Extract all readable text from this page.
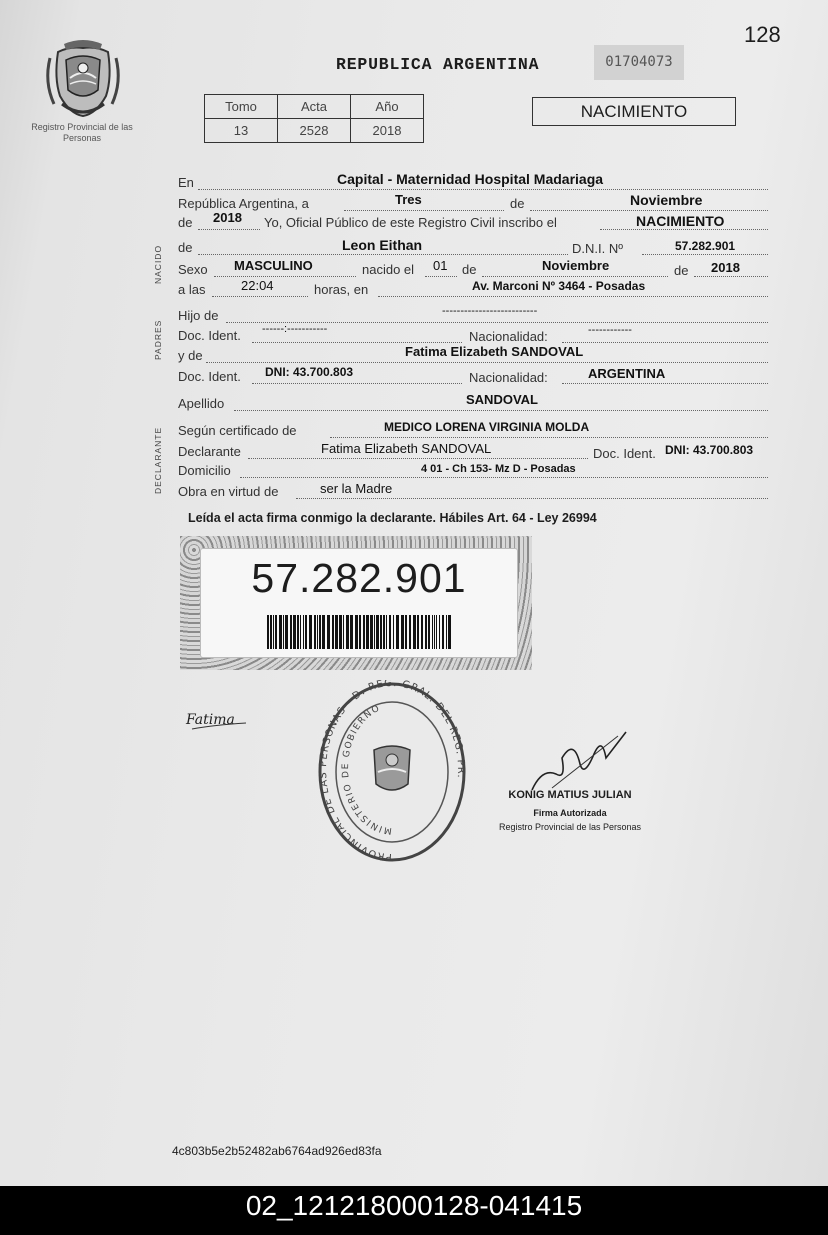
128
Registro Provincial de las Personas
REPUBLICA ARGENTINA	01704073
Tomo	Acta	Año
13	2528	2018
NACIMIENTO
NACIDO
PADRES
DECLARANTE
En	Capital - Maternidad Hospital Madariaga
República Argentina, a	Tres	de	Noviembre
de 2018 Yo, Oficial Público de este Registro Civil inscribo el	NACIMIENTO
de	Leon Eithan	D.N.I. Nº	57.282.901
Sexo MASCULINO	nacido el 01 de	Noviembre	de 2018
a las	22:04	horas, en	Av. Marconi Nº 3464 - Posadas
Hijo de	--------------------------
Doc. Ident. ------:-----------	Nacionalidad:	------------
y de	Fatima Elizabeth SANDOVAL
Doc. Ident. DNI: 43.700.803	Nacionalidad:	ARGENTINA
Apellido	SANDOVAL
Según certificado de	MEDICO LORENA VIRGINIA MOLDA
Declarante	Fatima Elizabeth SANDOVAL	Doc. Ident. DNI: 43.700.803
Domicilio	4 01 - Ch 153- Mz D - Posadas
Obra en virtud de	ser la Madre
Leída el acta firma conmigo la declarante. Hábiles Art. 64 - Ley 26994
57.282.901
Fatima
PROVINCIAL DE LAS PERSONAS - D. REG. GRAL. DEL REG. PR.
MINISTERIO DE GOBIERNO
KONIG MATIUS JULIAN
Firma Autorizada
Registro Provincial de las Personas
4c803b5e2b52482ab6764ad926ed83fa
02_121218000128-041415
